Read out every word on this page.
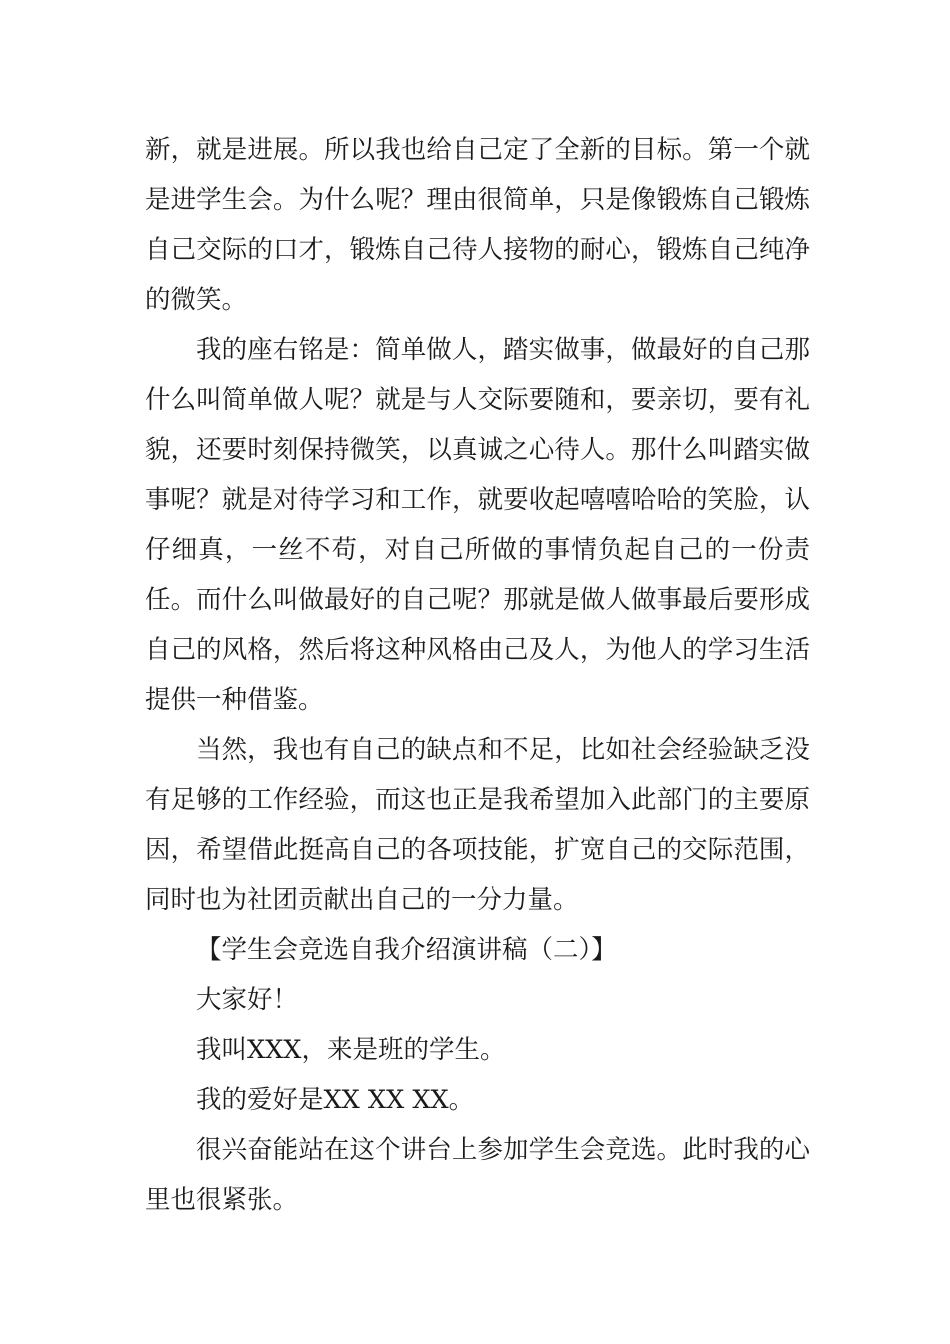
新，就是进展。所以我也给自己定了全新的目标。第一个就是进学生会。为什么呢？理由很简单，只是像锻炼自己锻炼自己交际的口才，锻炼自己待人接物的耐心，锻炼自己纯净的微笑。

我的座右铭是：简单做人，踏实做事，做最好的自己那什么叫简单做人呢？就是与人交际要随和，要亲切，要有礼貌，还要时刻保持微笑，以真诚之心待人。那什么叫踏实做事呢？就是对待学习和工作，就要收起嘻嘻哈哈的笑脸，认仔细真，一丝不苟，对自己所做的事情负起自己的一份责任。而什么叫做最好的自己呢？那就是做人做事最后要形成自己的风格，然后将这种风格由己及人，为他人的学习生活提供一种借鉴。

当然，我也有自己的缺点和不足，比如社会经验缺乏没有足够的工作经验，而这也正是我希望加入此部门的主要原因，希望借此挺高自己的各项技能，扩宽自己的交际范围，同时也为社团贡献出自己的一分力量。

【学生会竞选自我介绍演讲稿（二）】

大家好！

我叫XXX，来是班的学生。

我的爱好是XX XX XX。

很兴奋能站在这个讲台上参加学生会竞选。此时我的心里也很紧张。
